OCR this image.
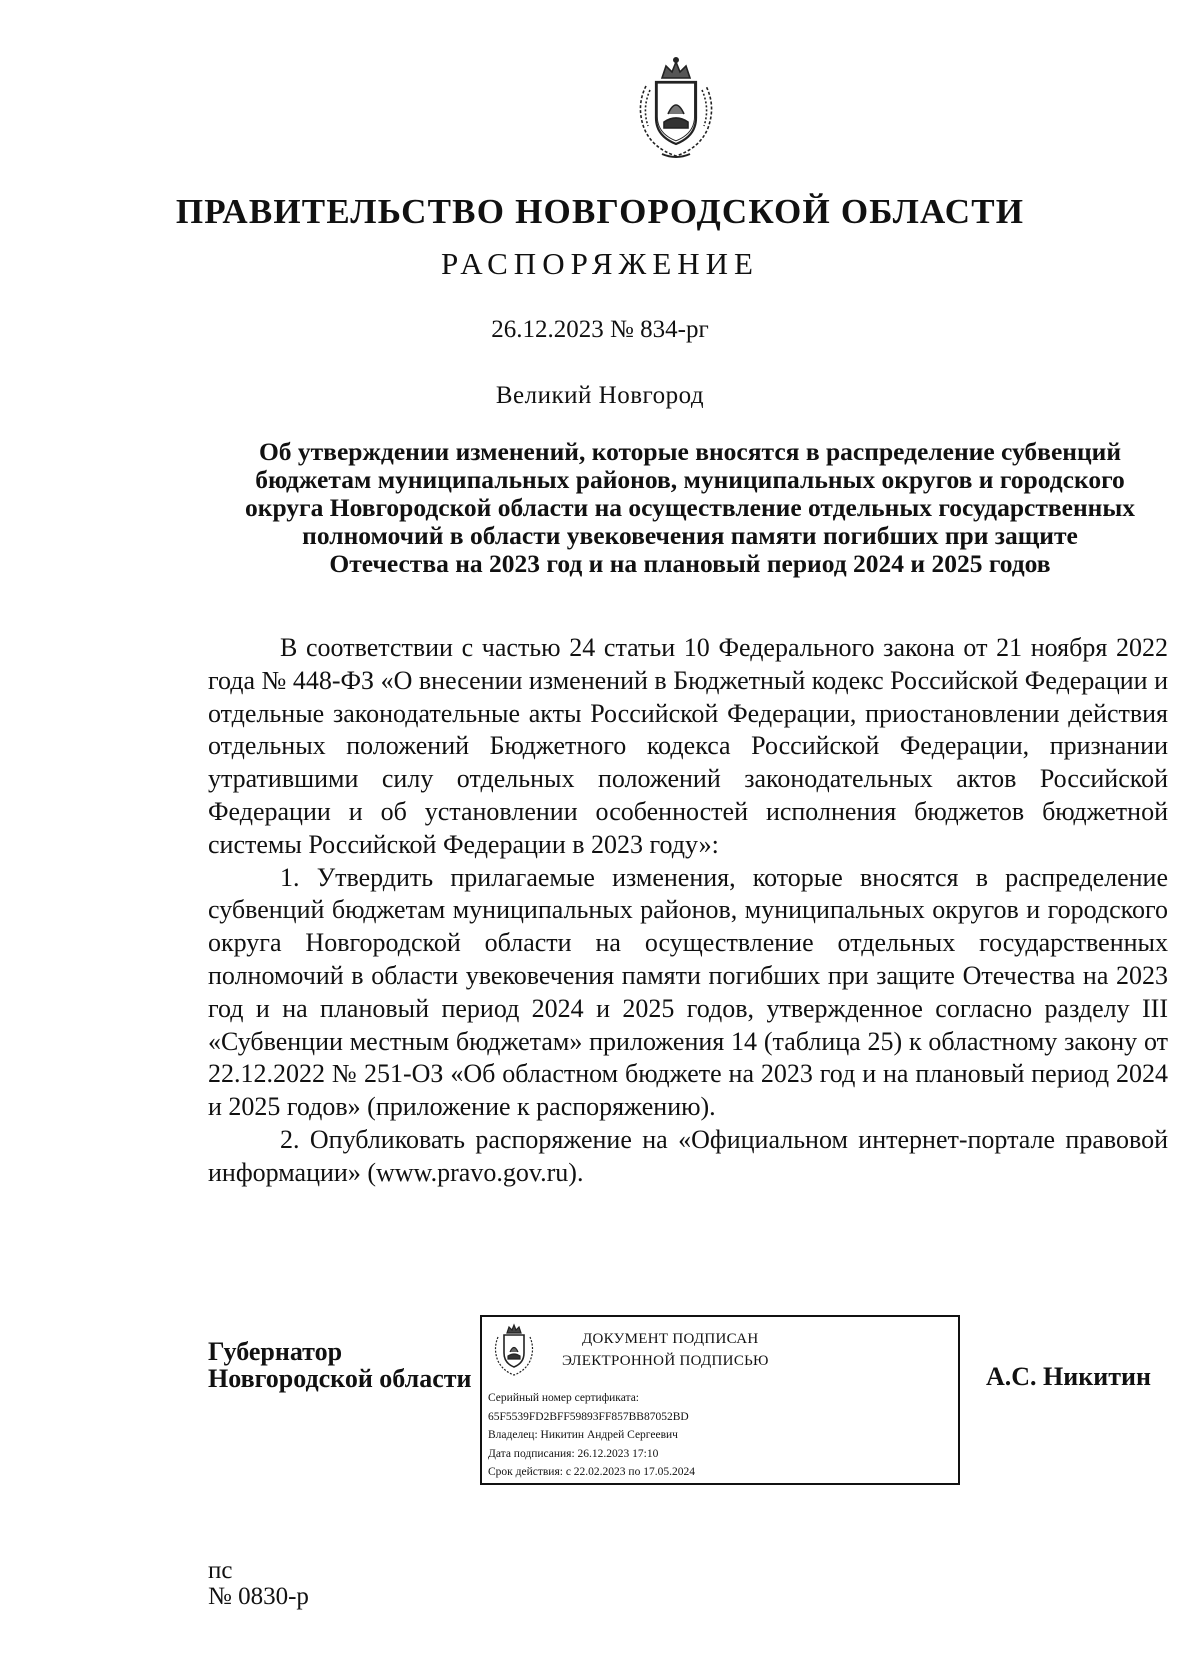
ПРАВИТЕЛЬСТВО НОВГОРОДСКОЙ ОБЛАСТИ
РАСПОРЯЖЕНИЕ
26.12.2023 № 834-рг
Великий Новгород
Об утверждении изменений, которые вносятся в распределение субвенций
бюджетам муниципальных районов, муниципальных округов и городского
округа Новгородской области на осуществление отдельных государственных
полномочий в области увековечения памяти погибших при защите
Отечества на 2023 год и на плановый период 2024 и 2025 годов

В соответствии с частью 24 статьи 10 Федерального закона от 21 ноября 2022 года № 448-ФЗ «О внесении изменений в Бюджетный кодекс Российской Федерации и отдельные законодательные акты Российской Федерации, приостановлении действия отдельных положений Бюджетного кодекса Российской Федерации, признании утратившими силу отдельных положений законодательных актов Российской Федерации и об установлении особенностей исполнения бюджетов бюджетной системы Российской Федерации в 2023 году»:

1. Утвердить прилагаемые изменения, которые вносятся в распределение субвенций бюджетам муниципальных районов, муниципальных округов и городского округа Новгородской области на осуществление отдельных государственных полномочий в области увековечения памяти погибших при защите Отечества на 2023 год и на плановый период 2024 и 2025 годов, утвержденное согласно разделу III «Субвенции местным бюджетам» приложения 14 (таблица 25) к областному закону от 22.12.2022 № 251-ОЗ «Об областном бюджете на 2023 год и на плановый период 2024 и 2025 годов» (приложение к распоряжению).

2. Опубликовать распоряжение на «Официальном интернет-портале правовой информации» (www.pravo.gov.ru).

Губернатор
Новгородской области
ДОКУМЕНТ ПОДПИСАН
ЭЛЕКТРОННОЙ ПОДПИСЬЮ
Серийный номер сертификата:
65F5539FD2BFF59893FF857BB87052BD
Владелец: Никитин Андрей Сергеевич
Дата подписания: 26.12.2023 17:10
Срок действия: с 22.02.2023 по 17.05.2024
А.С. Никитин
пс
№ 0830-р
